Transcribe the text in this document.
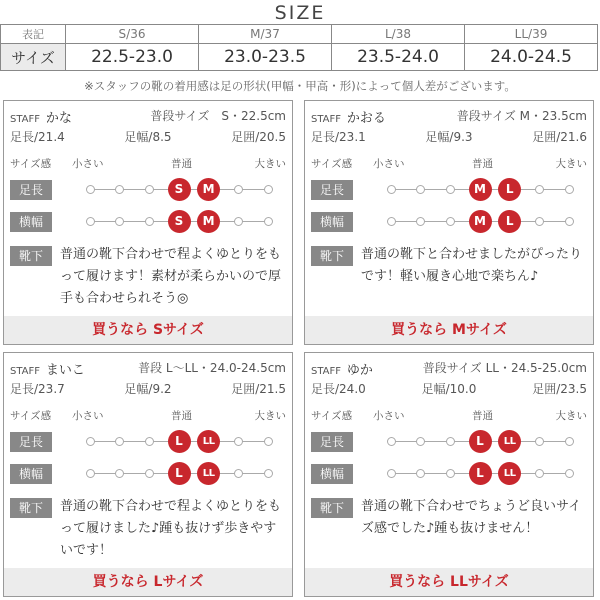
SIZE
表記	S/36	M/37	L/38	LL/39
サイズ	22.5-23.0	23.0-23.5	23.5-24.0	24.0-24.5
※スタッフの靴の着用感は足の形状(甲幅・甲高・形)によって個人差がございます。
STAFF かな	普段サイズ　S・22.5cm
足長/21.4	足幅/8.5	足囲/20.5
サイズ感 小さい	普通	大きい
足長	S	M
横幅	S	M
靴下	普通の靴下合わせで程よくゆとりをもって履けます！素材が柔らかいので厚手も合わせられそう◎
買うなら Sサイズ
STAFF かおる	普段サイズ M・23.5cm
足長/23.1	足幅/9.3	足囲/21.6
サイズ感 小さい	普通	大きい
足長	M	L
横幅	M	L
靴下	普通の靴下と合わせましたがぴったりです！軽い履き心地で楽ちん♪
買うなら Mサイズ
STAFF まいこ	普段 L〜LL・24.0-24.5cm
足長/23.7	足幅/9.2	足囲/21.5
サイズ感 小さい	普通	大きい
足長	L	LL
横幅	L	LL
靴下	普通の靴下合わせで程よくゆとりをもって履けました♪踵も抜けず歩きやすいです！
買うなら Lサイズ
STAFF ゆか	普段サイズ LL・24.5-25.0cm
足長/24.0	足幅/10.0	足囲/23.5
サイズ感 小さい	普通	大きい
足長	L	LL
横幅	L	LL
靴下	普通の靴下合わせでちょうど良いサイズ感でした♪踵も抜けません！
買うなら LLサイズ
